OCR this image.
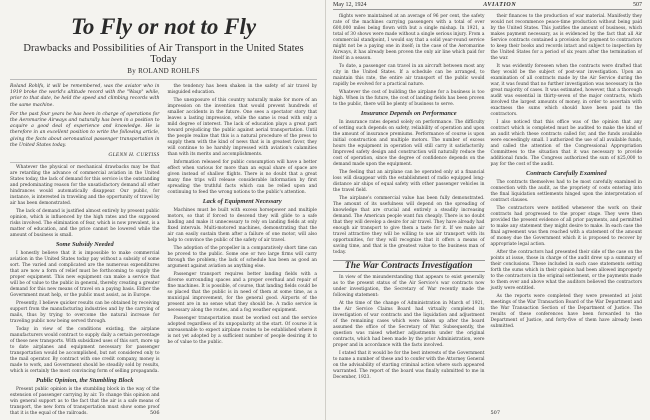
To Fly or not to Fly
Drawbacks and Possibilities of Air Transport in the United States Today
By ROLAND ROHLFS

Roland Rohlfs, it will be remembered, was the aviator who in 1919 broke the world's altitude record with the "Wasp" while, prior to that date, he held the speed and climbing records with the same machine.

For the past four years he has been in charge of operations for the Aeromarine Airways and naturally has been in a position to acquire a good deal of experience and knowledge. He is therefore in an excellent position to write the following article, giving the facts about aeronautical passenger transportation in the United States today.

GLENN H. CURTISS

Whatever the physical or mechanical drawbacks may be that are retarding the advance of commercial aviation in the United States today, the lack of demand for this service is the outstanding and predominating reason for the unsatisfactory demand all other hindrances would automatically disappear. Our public, for instance, is interested in traveling and the opportunity of travel by air has been demonstrated.

The lack of demand is justified almost entirely by present public opinion, which is influenced by the high rates and the supposed risks involved. The elimination of fear, which is now prevalent, is a matter of education, and the price cannot be lowered while the amount of business is small.

Some Subsidy Needed

I honestly believe that it is impossible to make commercial aviation in the United States today pay without a subsidy of some sort. The varied and complicated are the numerous expenditures that are now a form of relief must be forthcoming to supply the proper equipment. This new equipment can make a service that will be of value to the public in general, thereby creating a greater demand for this new means of travel on a paying basis. Either the Government must help, or the public must assist, as in Europe.

Presently, I believe quicker results can be obtained by receiving support from the manufacturing industries and by the carrying of mails, thus by trying to overcome the natural increase for traveling public now being served through.

Today in view of the conditions existing, the airplane manufacturers would contract to supply daily a certain percentage of these new transports. With subsidized uses of this sort, more up to date airplanes and equipment necessary for passenger transportation would be accomplished, but not considered only to the mail operator. By contract with one credit company, money is made to work, and Government should be steadily sold by results, which is certainly the most convincing form of selling propaganda.

Public Opinion, the Stumbling Block

Present public opinion is the stumbling block in the way of the extension of passenger carrying by air. To change this opinion and win general support as to the fact that the air is a safe means of transport, the new form of transportation must show some proof that it is the equal of the railroads.

the tendency has been shaken in the safety of air travel by misguided education.

The unexposure of this country naturally make for more of an impression on the invention that would prevent hundreds of smaller accidents in the future. One sees a spectator story that leaves a lasting impression, while the same is read with only a mild degree of interest. The lack of education plays a great part toward prejudicing the public against aerial transportation. Until the people realize that this is a natural procedure of the press to supply them with the kind of news that is in greatest favor, they will continue to be harshly impressed with aviation's calamities than with its merits and accomplishments.

Information released for public consumption will have a better effect when various for more than an equal share of space are given instead of shallow flights. There is no doubt that a great many fine trips will release considerable information by first spreading the truthful facts which can be relied upon and continuing to feed the wrong notions to the public's attention.

Lack of Equipment Necessary

Machines must be built with excess horsepower and multiple motors, so that if forced to descend they will glide to a safe landing and make it unnecessary to rely on landing fields at only fixed intervals. Multi-motored machines, demonstrating that the air can easily sustain them after a failure of one motor, will also help to convince the public of the safety of air travel.

The adoption of the propeller in a comparatively short time can be proved to the public. Some one or two large firms will carry through the problem; the lack of schedule has been as good an argument against aviation as anything else.

Passenger transport requires better landing fields with a diverse surrounding spaces and a proper overhaul and repair of fine machines. It is possible, of course, that landing fields could be so placed that the public is in need of them at some time, as a municipal improvement, for the general good. Airports of the present are in no sense what they should be. A radio service is necessary along the routes, and a fog weather equipment.

Passenger transportation must be worked out and the service adopted regardless of its unpopularity at the start. Of course it is unreasonable to expect airplane routes to be established where it is not yet adopted by a sufficient number of people desiring it to be of value to the public.

506
May 12, 1924	AVIATION	507

flights were maintained at an average of 96 per cent, the safety rate of the machines carrying passengers with a total of over 600,000 miles being flown with but a single mishap. In 1921, a total of 30 shows were made without a single serious injury. From a commercial standpoint, I would say that a solid year-round service might not be a paying one in itself; in the case of the Aeromarine Airways, it has already been proven the only air line which paid for itself in a season.

To date, a passenger can travel in an aircraft between most any city in the United States. If a schedule can be arranged, to maintain this rate, the entire air transport of the public would rapidly be evolved for a practical nature.

Whatever the cost of building the airplane for a business is too high. When in the future, the cost of landing fields has been proven to the public, there will be plenty of business to serve.

Insurance Depends on Performance

In insurance rates depend solely on performance. The difficulty of setting such depends on safety, reliability of operation and upon the amount of insurance premiums. Performance of course is upon initial construction and multiple motors. The number of excess hours the equipment in operation will still carry it satisfactorily. Improved safety design and construction will naturally reduce the cost of operation, since the degree of confidence depends on the demand made upon the equipment.

The feeling that an airplane can be operated only at a financial loss will disappear with the establishment of radio equipped long-distance air ships of equal safety with other passenger vehicles in the travel field.

The airplane's commercial value has been fully demonstrated. The amount of its usefulness will depend on the spreading of knowledge that are crucial and entirely a steadily increasing demand. The American people want fun cheaply. There is no doubt that they will develop a desire for air travel. They have already had enough air transport to give them a taste for it. If we make air travel attractive they will be willing to use air transport with its opportunities, for they will recognize that it offers a means of saving time, and that is the greatest value to the business man of today.

The War Contracts Investigation

In view of the misunderstanding that appears to exist generally as to the present status of the Air Service's war contracts now under investigation, the Secretary of War recently made the following statement:

At the time of the change of Administration in March of 1921, the Air Service Claims Board had virtually completed its investigation of war contracts and the liquidation and adjustment of the remaining cases which were taken up after the board assumed the office of the Secretary of War. Subsequently, the question was raised whether adjustments under the original contracts, which had been made by the prior Administration, were proper and in accordance with the facts involved.

I stated that it would be for the best interests of the Government to name a number of these and to confer with the Attorney General on the advisability of starting criminal action where such appeared warranted. The report of the board was finally submitted to me in December, 1923.

their finances to the production of war material. Manifestly they would not recommence peace-time production without being paid by the United States. This justifies the amount of business, which makes payment necessary, as is evidenced by the fact that all Air Service contracts contained a provision for payment to contractors to keep their books and records intact and subject to inspection by the United States for a period of six years after the termination of the war.

It was evidently foreseen when the contracts were drafted that they would be the subject of post-war investigation. Upon an examination of all contracts made by the Air Service during the war, it was found that no further investigation was necessary in the great majority of cases. It was estimated, however, that a thorough audit was essential in thirty-seven of the major contracts, which involved the largest amounts of money, in order to ascertain with exactness the sums which should have been paid to the contractors.

I also noticed that this office was of the opinion that any contract which is completed must be audited to make the kind of an audit which these contracts called for, and the funds available were exceedingly small. I authorized the use of all available funds, and called the attention of the Congressional Appropriation Committees to the situation that it was necessary to provide additional funds. The Congress authorized the sum of $25,000 to pay for the cost of the audit.

Contracts Carefully Examined

The contracts themselves had to be most carefully examined in connection with the audit, as the propriety of costs entering into the final liquidation settlements hinged upon the interpretation of contract clauses.

The contractors were notified whenever the work on their contracts had progressed to the proper stage. They were then provided the present evidence of all prior payments, and permitted to make any statement they might desire to make. In each case the final agreement was then reached with a statement of the amount of money due the Government which it is proposed to recover by appropriate legal action.

After the contractors had presented their side of the case on the points at issue, those in charge of the audit drew up a summary of their conclusions. These included in each case statements setting forth the sums which in their opinion had been allowed improperly to the contractors in the original settlement, or the payments made to them over and above what the auditors believed the contractors justly were entitled.

As the reports were completed they were presented at joint meetings of the War Transaction Board of the War Department and the War Transaction Section of the Department of Justice. The results of these conferences have been forwarded to the Department of Justice, and forty-five of them have already been submitted.

507
